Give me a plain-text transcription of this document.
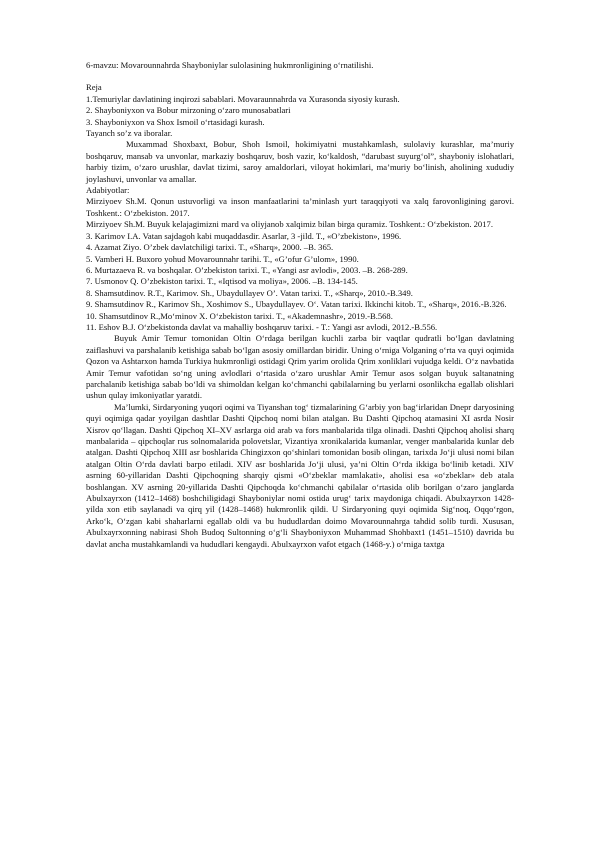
6-mavzu: Movarounnahrda Shayboniylar sulolasining hukmronligining o‘rnatilishi.

Reja

1.Temuriylar davlatining inqirozi sabablari. Movaraunnahrda va Xurasonda siyosiy kurash.

2. Shayboniyxon va Bobur mirzoning o‘zaro munosabatlari

3. Shayboniyxon va Shox Ismoil o‘rtasidagi kurash.

Tayanch so’z va iboralar.

Muxammad Shoxbaxt, Bobur, Shoh Ismoil, hokimiyatni mustahkamlash, sulolaviy kurashlar, ma’muriy boshqaruv, mansab va unvonlar, markaziy boshqaruv, bosh vazir, ko‘kaldosh, “darubast suyurg‘ol”, shayboniy islohatlari, harbiy tizim, o‘zaro urushlar, davlat tizimi, saroy amaldorlari, viloyat hokimlari, ma’muriy bo‘linish, aholining xududiy joylashuvi, unvonlar va amallar.

Adabiyotlar:

Mirziyoev Sh.M. Qonun ustuvorligi va inson manfaatlarini ta’minlash yurt taraqqiyoti va xalq farovonligining garovi. Toshkent.: O‘zbekiston. 2017.

Mirziyoev Sh.M. Buyuk kelajagimizni mard va oliyjanob xalqimiz bilan birga quramiz. Toshkent.: O‘zbekiston. 2017.

3. Karimov I.A. Vatan sajdagoh kabi muqaddasdir. Asarlar, 3 -jild. T., «O’zbekiston», 1996.

4. Azamat Ziyo. O’zbek davlatchiligi tarixi. T., «Sharq», 2000. –B. 365.

5. Vamberi H. Buxoro yohud Movarounnahr tarihi. T., «G’ofur G’ulom», 1990.

6. Murtazaeva R. va boshqalar. O’zbekiston tarixi. T., «Yangi asr avlodi», 2003. –B. 268-289.

7. Usmonov Q. O’zbekiston tarixi. T., «Iqtisod va moliya», 2006. –B. 134-145.

8. Shamsutdinov. R.T., Karimov. Sh., Ubaydullayev O’. Vatan tarixi. T., «Sharq», 2010.-B.349.

9. Shamsutdinov R., Karimov Sh., Xoshimov S., Ubaydullayev. O‘. Vatan tarixi. Ikkinchi kitob. T., «Sharq», 2016.-B.326.

10. Shamsutdinov R.,Mo‘minov X. O‘zbekiston tarixi. T., «Akademnashr», 2019.-B.568.

11. Eshov B.J. O‘zbekistonda davlat va mahalliy boshqaruv tarixi. - T.: Yangi asr avlodi, 2012.-B.556.

Buyuk Amir Temur tomonidan Oltin O‘rdaga berilgan kuchli zarba bir vaqtlar qudratli bo‘lgan davlatning zaiflashuvi va parshalanib ketishiga sabab bo‘lgan asosiy omillardan biridir. Uning o‘rniga Volganing o‘rta va quyi oqimida Qozon va Ashtarxon hamda Turkiya hukmronligi ostidagi Qrim yarim orolida Qrim xonliklari vujudga keldi. O‘z navbatida Amir Temur vafotidan so‘ng uning avlodlari o‘rtasida o‘zaro urushlar Amir Temur asos solgan buyuk saltanatning parchalanib ketishiga sabab bo‘ldi va shimoldan kelgan ko‘chmanchi qabilalarning bu yerlarni osonlikcha egallab olishlari ushun qulay imkoniyatlar yaratdi.

Ma’lumki, Sirdaryoning yuqori oqimi va Tiyanshan tog‘ tizmalarining G‘arbiy yon bag‘irlaridan Dnepr daryosining quyi oqimiga qadar yoyilgan dashtlar Dashti Qipchoq nomi bilan atalgan. Bu Dashti Qipchoq atamasini XI asrda Nosir Xisrov qo‘llagan. Dashti Qipchoq XI–XV asrlarga oid arab va fors manbalarida tilga olinadi. Dashti Qipchoq aholisi sharq manbalarida – qipchoqlar rus solnomalarida polovetslar, Vizantiya xronikalarida kumanlar, venger manbalarida kunlar deb atalgan. Dashti Qipchoq XIII asr boshlarida Chingizxon qo‘shinlari tomonidan bosib olingan, tarixda Jo‘ji ulusi nomi bilan atalgan Oltin O‘rda davlati barpo etiladi. XIV asr boshlarida Jo‘ji ulusi, ya’ni Oltin O‘rda ikkiga bo‘linib ketadi. XIV asrning 60-yillaridan Dashti Qipchoqning sharqiy qismi «O‘zbeklar mamlakati», aholisi esa «o‘zbeklar» deb atala boshlangan. XV asrning 20-yillarida Dashti Qipchoqda ko‘chmanchi qabilalar o‘rtasida olib borilgan o‘zaro janglarda Abulxayrxon (1412–1468) boshchiligidagi Shayboniylar nomi ostida urug‘ tarix maydoniga chiqadi. Abulxayrxon 1428-yilda xon etib saylanadi va qirq yil (1428–1468) hukmronlik qildi. U Sirdaryoning quyi oqimida Sig‘noq, Oqqo‘rgon, Arko‘k, O‘zgan kabi shaharlarni egallab oldi va bu hududlardan doimo Movarounnahrga tahdid solib turdi. Xususan, Abulxayrxonning nabirasi Shoh Budoq Sultonning o‘g‘li Shayboniyxon Muhammad Shohbaxt1 (1451–1510) davrida bu davlat ancha mustahkamlandi va hududlari kengaydi. Abulxayrxon vafot etgach (1468-y.) o‘rniga taxtga
